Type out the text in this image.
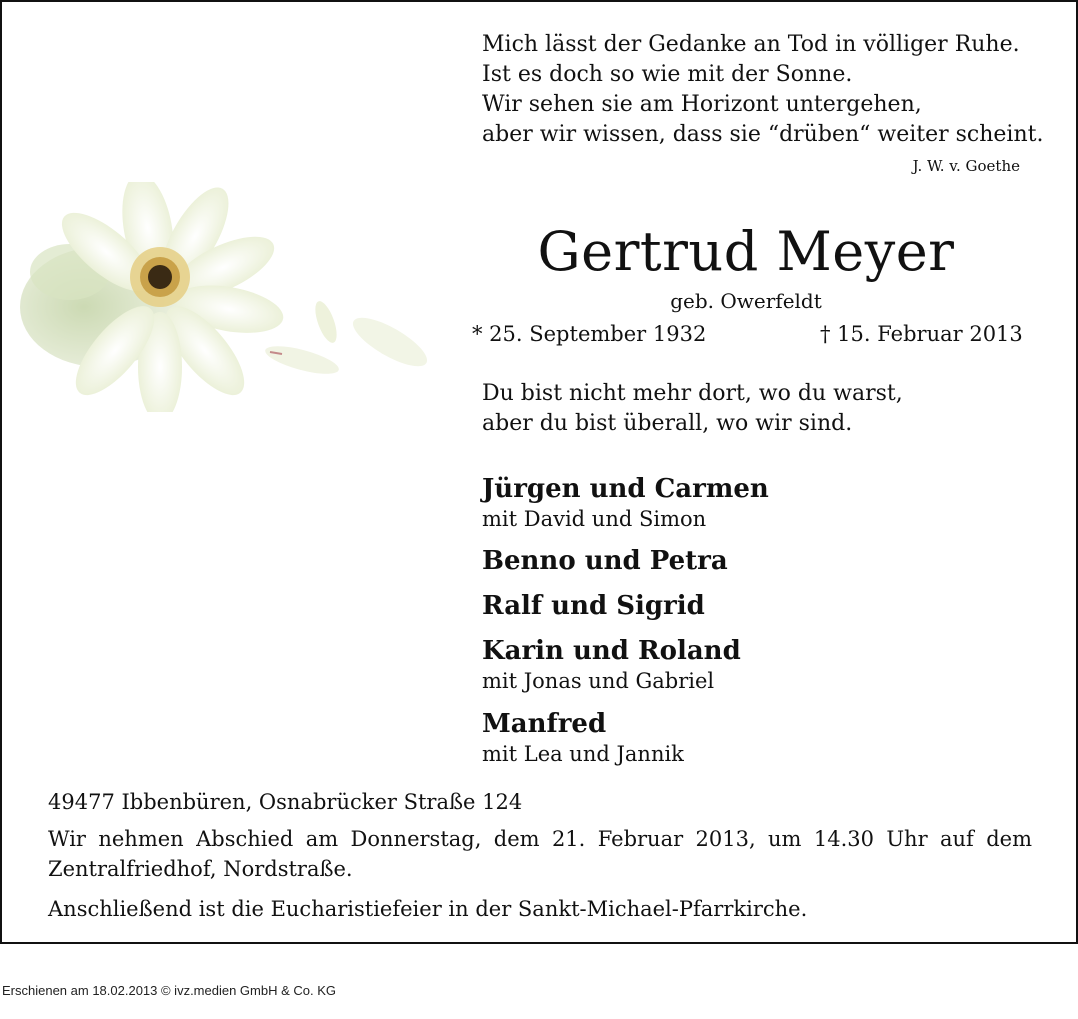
Mich lässt der Gedanke an Tod in völliger Ruhe.
Ist es doch so wie mit der Sonne.
Wir sehen sie am Horizont untergehen,
aber wir wissen, dass sie “drüben“ weiter scheint.
J. W. v. Goethe
Gertrud Meyer
geb. Owerfeldt
* 25. September 1932	† 15. Februar 2013
Du bist nicht mehr dort, wo du warst,
aber du bist überall, wo wir sind.
Jürgen und Carmen
mit David und Simon
Benno und Petra
Ralf und Sigrid
Karin und Roland
mit Jonas und Gabriel
Manfred
mit Lea und Jannik
49477 Ibbenbüren, Osnabrücker Straße 124
Wir nehmen Abschied am Donnerstag, dem 21. Februar 2013, um 14.30 Uhr auf dem Zentralfriedhof, Nordstraße.
Anschließend ist die Eucharistiefeier in der Sankt-Michael-Pfarrkirche.
Erschienen am 18.02.2013 © ivz.medien GmbH & Co. KG
